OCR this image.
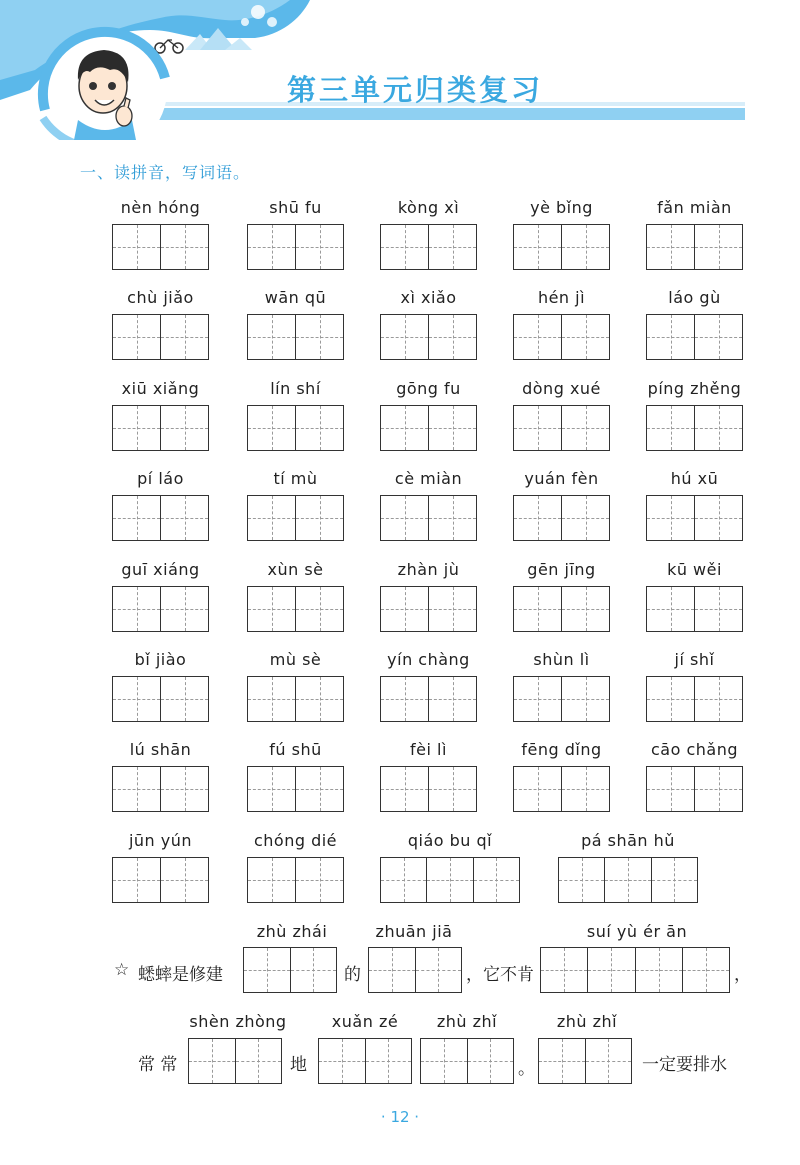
第三单元归类复习
一、读拼音，写词语。
nèn hóng	shū fu	kòng xì	yè bǐng	fǎn miàn
chù jiǎo	wān qū	xì xiǎo	hén jì	láo gù
xiū xiǎng	lín shí	gōng fu	dòng xué	píng zhěng
pí láo	tí mù	cè miàn	yuán fèn	hú xū
guī xiáng	xùn sè	zhàn jù	gēn jīng	kū wěi
bǐ jiào	mù sè	yín chàng	shùn lì	jí shǐ
lú shān	fú shū	fèi lì	fēng dǐng	cāo chǎng
jūn yún	chóng dié	qiáo bu qǐ	pá shān hǔ
zhù zhái	zhuān jiā	suí yù ér ān
☆ 蟋蟀是修建	的	，它不肯	，
shèn zhòng	xuǎn zé	zhù zhǐ	zhù zhǐ
常 常	地	。	一定要排水
· 12 ·
